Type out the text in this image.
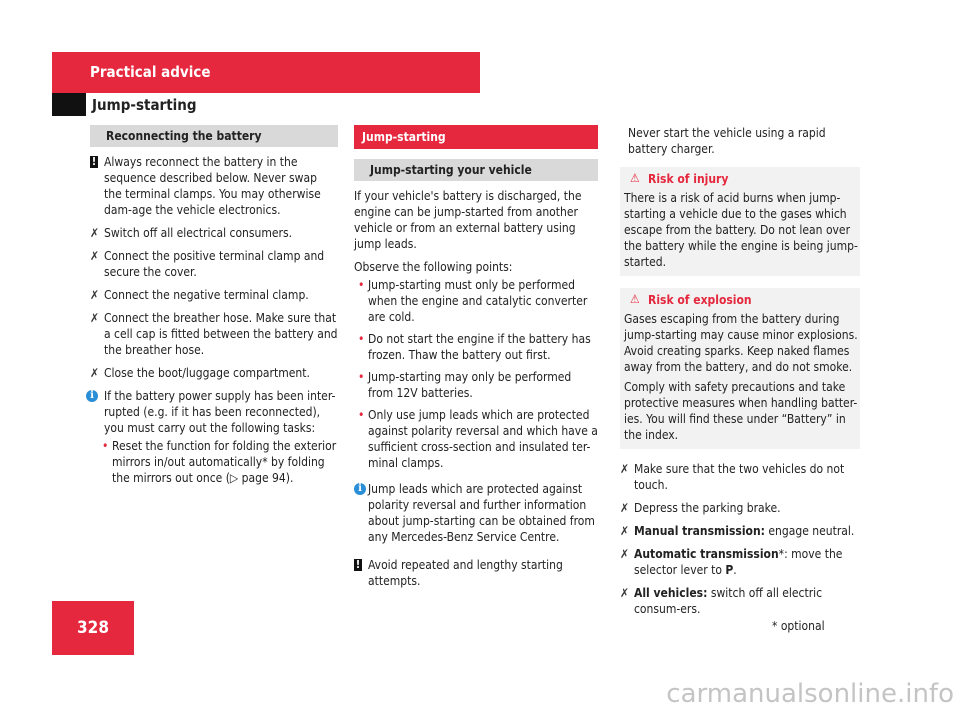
Practical advice
Jump-starting
Reconnecting the battery

! Always reconnect the battery in the sequence described below. Never swap the terminal clamps. You may otherwise dam-age the vehicle electronics.

✗ Switch off all electrical consumers.

✗ Connect the positive terminal clamp and secure the cover.

✗ Connect the negative terminal clamp.

✗ Connect the breather hose. Make sure that a cell cap is fitted between the battery and the breather hose.

✗ Close the boot/luggage compartment.

i If the battery power supply has been inter-rupted (e.g. if it has been reconnected), you must carry out the following tasks:

• Reset the function for folding the exterior mirrors in/out automatically* by folding the mirrors out once (▷ page 94).

Jump-starting
Jump-starting your vehicle

If your vehicle's battery is discharged, the engine can be jump-started from another vehicle or from an external battery using jump leads.

Observe the following points:

• Jump-starting must only be performed when the engine and catalytic converter are cold.

• Do not start the engine if the battery has frozen. Thaw the battery out first.

• Jump-starting may only be performed from 12V batteries.

• Only use jump leads which are protected against polarity reversal and which have a sufficient cross-section and insulated ter-minal clamps.

i Jump leads which are protected against polarity reversal and further information about jump-starting can be obtained from any Mercedes-Benz Service Centre.

! Avoid repeated and lengthy starting attempts.

Never start the vehicle using a rapid battery charger.

⚠ Risk of injury

There is a risk of acid burns when jump-starting a vehicle due to the gases which escape from the battery. Do not lean over the battery while the engine is being jump-started.

⚠ Risk of explosion

Gases escaping from the battery during jump-starting may cause minor explosions. Avoid creating sparks. Keep naked flames away from the battery, and do not smoke.

Comply with safety precautions and take protective measures when handling batter-ies. You will find these under “Battery” in the index.

✗ Make sure that the two vehicles do not touch.

✗ Depress the parking brake.

✗ Manual transmission: engage neutral.

✗ Automatic transmission*: move the selector lever to P.

✗ All vehicles: switch off all electric consum-ers.

328	* optional
carmanualsonline.info
